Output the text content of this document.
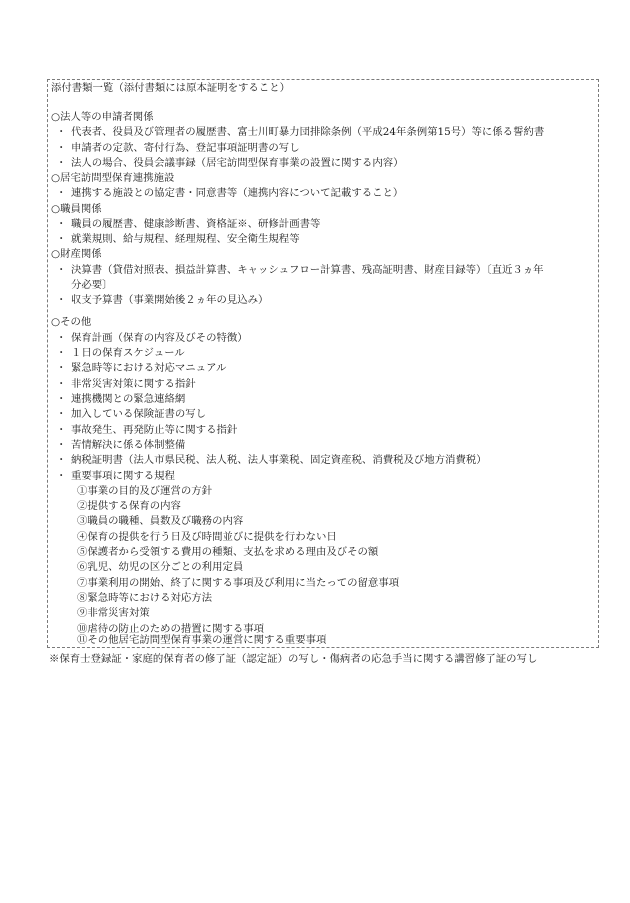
添付書類一覧（添付書類には原本証明をすること）
○法人等の申請者関係
・ 代表者、役員及び管理者の履歴書、富士川町暴力団排除条例（平成24年条例第15号）等に係る誓約書
・ 申請者の定款、寄付行為、登記事項証明書の写し
・ 法人の場合、役員会議事録（居宅訪問型保育事業の設置に関する内容）
○居宅訪問型保育連携施設
・ 連携する施設との協定書・同意書等（連携内容について記載すること）
○職員関係
・ 職員の履歴書、健康診断書、資格証※、研修計画書等
・ 就業規則、給与規程、経理規程、安全衛生規程等
○財産関係
・ 決算書（貸借対照表、損益計算書、キャッシュフロー計算書、残高証明書、財産目録等）〔直近３ヵ年
分必要〕
・ 収支予算書（事業開始後２ヵ年の見込み）
○その他
・ 保育計画（保育の内容及びその特徴）
・ １日の保育スケジュール
・ 緊急時等における対応マニュアル
・ 非常災害対策に関する指針
・ 連携機関との緊急連絡網
・ 加入している保険証書の写し
・ 事故発生、再発防止等に関する指針
・ 苦情解決に係る体制整備
・ 納税証明書（法人市県民税、法人税、法人事業税、固定資産税、消費税及び地方消費税）
・ 重要事項に関する規程
①事業の目的及び運営の方針
②提供する保育の内容
③職員の職種、員数及び職務の内容
④保育の提供を行う日及び時間並びに提供を行わない日
⑤保護者から受領する費用の種類、支払を求める理由及びその額
⑥乳児、幼児の区分ごとの利用定員
⑦事業利用の開始、終了に関する事項及び利用に当たっての留意事項
⑧緊急時等における対応方法
⑨非常災害対策
⑩虐待の防止のための措置に関する事項
⑪その他居宅訪問型保育事業の運営に関する重要事項
※保育士登録証・家庭的保育者の修了証（認定証）の写し・傷病者の応急手当に関する講習修了証の写し
